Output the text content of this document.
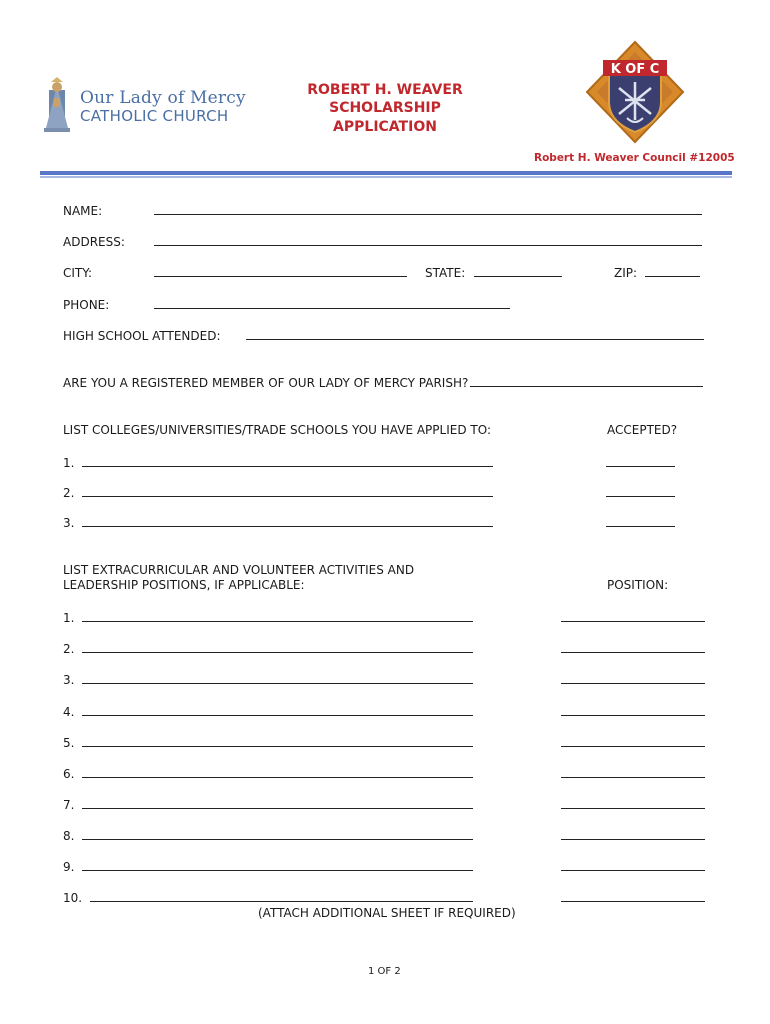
Our Lady of Mercy
CATHOLIC CHURCH
ROBERT H. WEAVER
SCHOLARSHIP
APPLICATION
K OF C
Robert H. Weaver Council #12005
NAME:
ADDRESS:
CITY:	STATE:	ZIP:
PHONE:
HIGH SCHOOL ATTENDED:
ARE YOU A REGISTERED MEMBER OF OUR LADY OF MERCY PARISH?
LIST COLLEGES/UNIVERSITIES/TRADE SCHOOLS YOU HAVE APPLIED TO:	ACCEPTED?
1.
2.
3.
LIST EXTRACURRICULAR AND VOLUNTEER ACTIVITIES AND
LEADERSHIP POSITIONS, IF APPLICABLE:	POSITION:
1.
2.
3.
4.
5.
6.
7.
8.
9.
10.
(ATTACH ADDITIONAL SHEET IF REQUIRED)
1 OF 2
